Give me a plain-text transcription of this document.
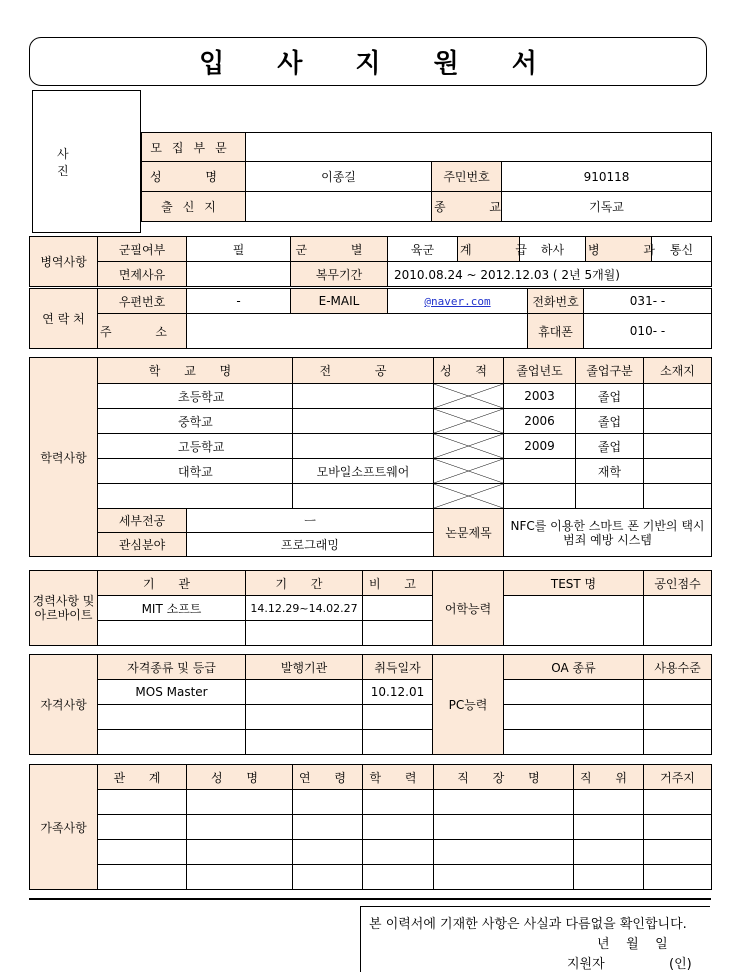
입 사 지 원 서
사 진
모집부문			
성 명	이종길	주민번호	910118
출신지		종 교	기독교
병역사항	군필여부	필	군 별	육군	계 급	하사	병 과	통신
	면제사유		복무기간	2010.08.24 ~ 2012.12.03 ( 2년 5개월)				
연 락 처	우편번호	-	E-MAIL	@naver.com	전화번호	031- -
	주 소				휴대폰	010- -
학력사항	학 교 명		전 공	성 적	졸업년도	졸업구분	소재지
	초등학교				2003	졸업	
	중학교				2006	졸업	
	고등학교				2009	졸업	
	대학교		모바일소프트웨어			재학	

	세부전공	ㅡ		논문제목	NFC를 이용한 스마트 폰 기반의 택시 범죄 예방 시스템		
	관심분야	프로그래밍					
경력사항 및 아르바이트	기 관	기 간	비 고	어학능력	TEST 명	공인점수
	MIT 소프트	14.12.29~14.02.27				

자격사항	자격종류 및 등급	발행기관	취득일자	PC능력	OA 종류	사용수준
	MOS Master		10.12.01			

가족사항	관 계	성 명	연 령	학 력	직 장 명	직 위	거주지

본 이력서에 기재한 사항은 사실과 다름없을 확인합니다.
년    월    일
지원자	(인)
